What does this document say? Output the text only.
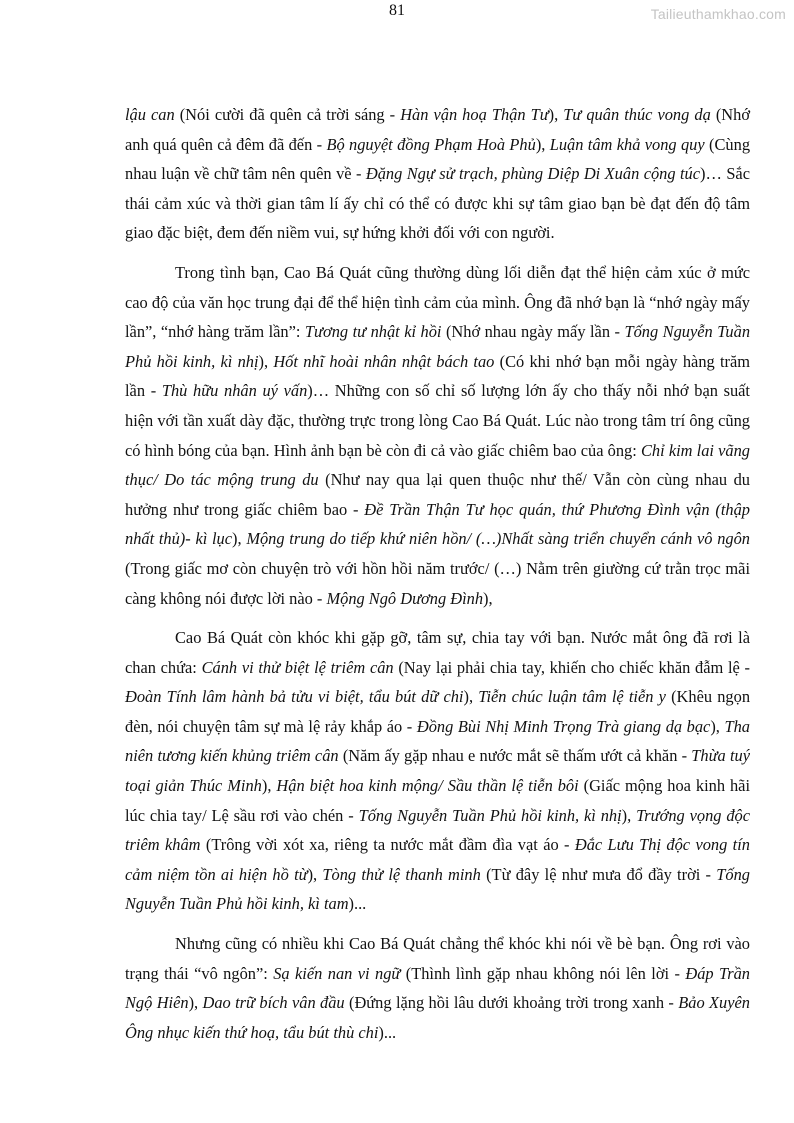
81	Tailieuthamkhao.com

lậu can (Nói cười đã quên cả trời sáng - Hàn vận hoạ Thận Tư), Tư quân thúc vong dạ (Nhớ anh quá quên cả đêm đã đến - Bộ nguyệt đồng Phạm Hoà Phủ), Luận tâm khả vong quy (Cùng nhau luận về chữ tâm nên quên về - Đặng Ngự sử trạch, phùng Diệp Di Xuân cộng túc)… Sắc thái cảm xúc và thời gian tâm lí ấy chỉ có thể có được khi sự tâm giao bạn bè đạt đến độ tâm giao đặc biệt, đem đến niềm vui, sự hứng khởi đối với con người.

Trong tình bạn, Cao Bá Quát cũng thường dùng lối diễn đạt thể hiện cảm xúc ở mức cao độ của văn học trung đại để thể hiện tình cảm của mình. Ông đã nhớ bạn là “nhớ ngày mấy lần”, “nhớ hàng trăm lần”: Tương tư nhật kỉ hồi (Nhớ nhau ngày mấy lần - Tống Nguyễn Tuần Phủ hồi kinh, kì nhị), Hốt nhĩ hoài nhân nhật bách tao (Có khi nhớ bạn mỗi ngày hàng trăm lần - Thù hữu nhân uý vấn)… Những con số chỉ số lượng lớn ấy cho thấy nỗi nhớ bạn suất hiện với tần xuất dày đặc, thường trực trong lòng Cao Bá Quát. Lúc nào trong tâm trí ông cũng có hình bóng của bạn. Hình ảnh bạn bè còn đi cả vào giấc chiêm bao của ông: Chỉ kim lai vãng thục/ Do tác mộng trung du (Như nay qua lại quen thuộc như thế/ Vẫn còn cùng nhau du hưởng như trong giấc chiêm bao - Đề Trần Thận Tư học quán, thứ Phương Đình vận (thập nhất thủ)- kì lục), Mộng trung do tiếp khứ niên hồn/ (…)Nhất sàng triển chuyển cánh vô ngôn (Trong giấc mơ còn chuyện trò với hồn hồi năm trước/ (…) Nằm trên giường cứ trằn trọc mãi càng không nói được lời nào - Mộng Ngô Dương Đình),

Cao Bá Quát còn khóc khi gặp gỡ, tâm sự, chia tay với bạn. Nước mắt ông đã rơi là chan chứa: Cánh vi thử biệt lệ triêm cân (Nay lại phải chia tay, khiến cho chiếc khăn đẫm lệ - Đoàn Tính lâm hành bả tửu vi biệt, tẩu bút dữ chi), Tiễn chúc luận tâm lệ tiễn y (Khêu ngọn đèn, nói chuyện tâm sự mà lệ rảy khắp áo - Đồng Bùi Nhị Minh Trọng Trà giang dạ bạc), Tha niên tương kiến khủng triêm cân (Năm ấy gặp nhau e nước mắt sẽ thấm ướt cả khăn - Thừa tuý toại giản Thúc Minh), Hận biệt hoa kinh mộng/ Sầu thần lệ tiễn bôi (Giấc mộng hoa kinh hãi lúc chia tay/ Lệ sầu rơi vào chén - Tống Nguyễn Tuần Phủ hồi kinh, kì nhị), Trướng vọng độc triêm khâm (Trông vời xót xa, riêng ta nước mắt đầm đìa vạt áo - Đắc Lưu Thị độc vong tín cảm niệm tồn ai hiện hồ từ), Tòng thử lệ thanh minh (Từ đây lệ như mưa đổ đầy trời - Tống Nguyễn Tuần Phủ hồi kinh, kì tam)...

Nhưng cũng có nhiều khi Cao Bá Quát chẳng thể khóc khi nói về bè bạn. Ông rơi vào trạng thái “vô ngôn”: Sạ kiến nan vi ngữ (Thình lình gặp nhau không nói lên lời - Đáp Trần Ngộ Hiên), Dao trữ bích vân đầu (Đứng lặng hồi lâu dưới khoảng trời trong xanh - Bảo Xuyên Ông nhục kiến thứ hoạ, tẩu bút thù chi)...
